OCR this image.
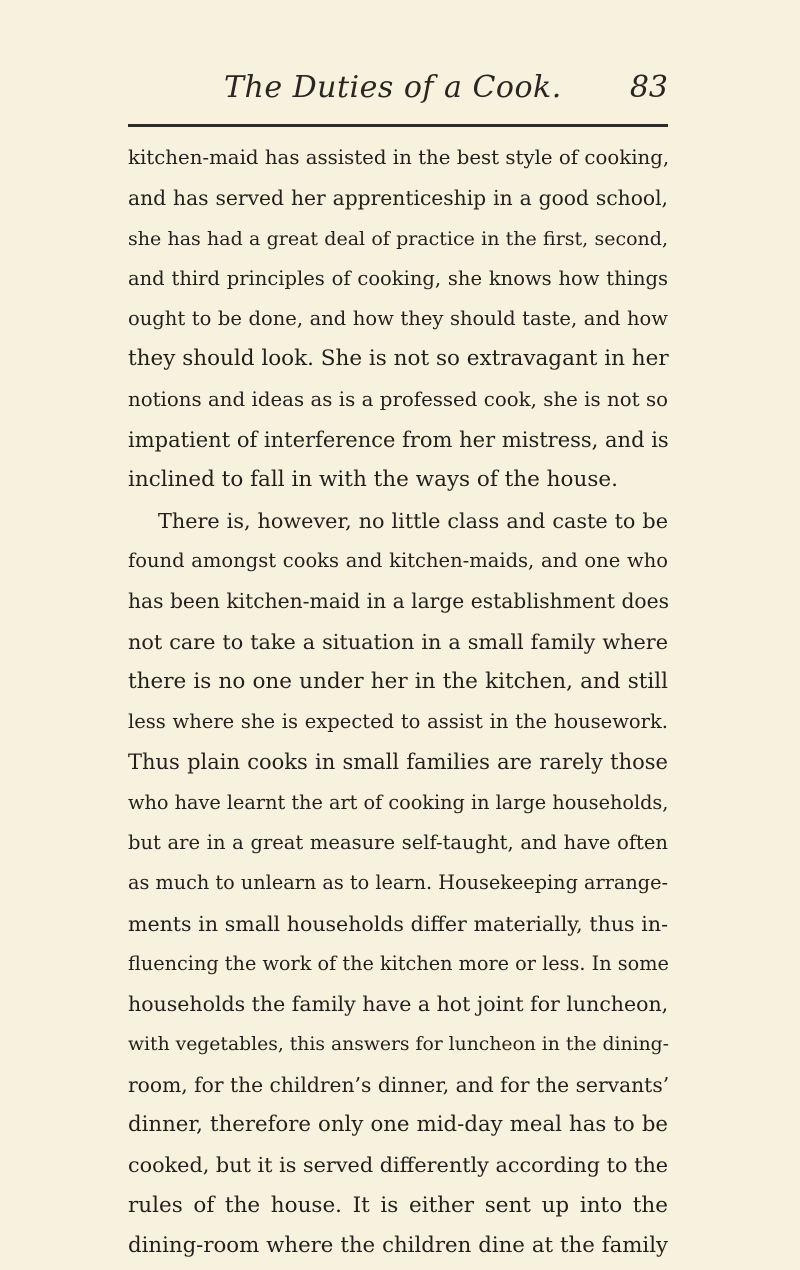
The Duties of a Cook. 83
kitchen-maid has assisted in the best style of cooking,
and has served her apprenticeship in a good school,
she has had a great deal of practice in the first, second,
and third principles of cooking, she knows how things
ought to be done, and how they should taste, and how
they should look. She is not so extravagant in her
notions and ideas as is a professed cook, she is not so
impatient of interference from her mistress, and is
inclined to fall in with the ways of the house.
There is, however, no little class and caste to be
found amongst cooks and kitchen-maids, and one who
has been kitchen-maid in a large establishment does
not care to take a situation in a small family where
there is no one under her in the kitchen, and still
less where she is expected to assist in the housework.
Thus plain cooks in small families are rarely those
who have learnt the art of cooking in large households,
but are in a great measure self-taught, and have often
as much to unlearn as to learn. Housekeeping arrange-
ments in small households differ materially, thus in-
fluencing the work of the kitchen more or less. In some
households the family have a hot joint for luncheon,
with vegetables, this answers for luncheon in the dining-
room, for the children’s dinner, and for the servants’
dinner, therefore only one mid-day meal has to be
cooked, but it is served differently according to the
rules of the house. It is either sent up into the
dining-room where the children dine at the family
